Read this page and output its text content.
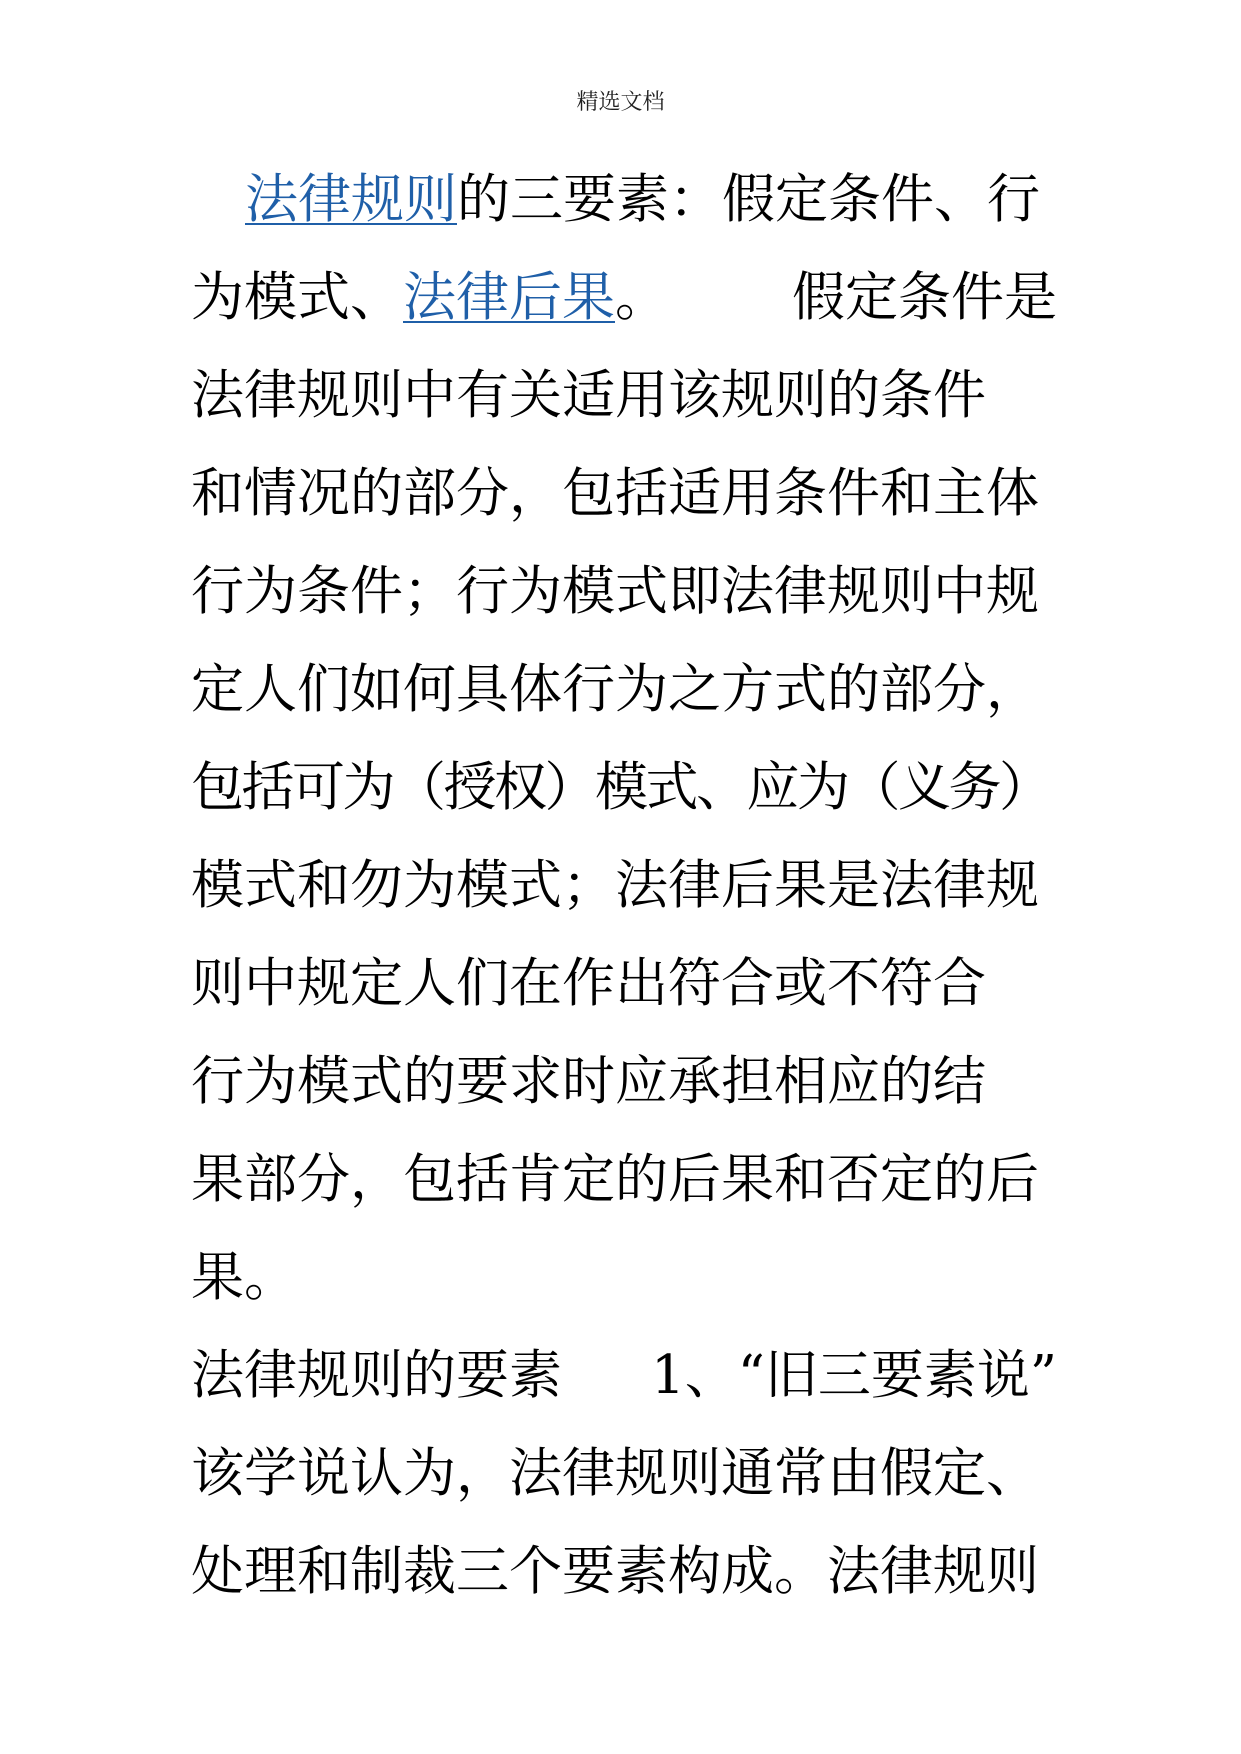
精选文档
法律规则的三要素：假定条件、行
为模式、法律后果。 假定条件是
法律规则中有关适用该规则的条件
和情况的部分，包括适用条件和主体
行为条件；行为模式即法律规则中规
定人们如何具体行为之方式的部分，
包括可为（授权）模式、应为（义务）
模式和勿为模式；法律后果是法律规
则中规定人们在作出符合或不符合
行为模式的要求时应承担相应的结
果部分，包括肯定的后果和否定的后
果。
法律规则的要素 1、“旧三要素说”
该学说认为，法律规则通常由假定、
处理和制裁三个要素构成。法律规则
